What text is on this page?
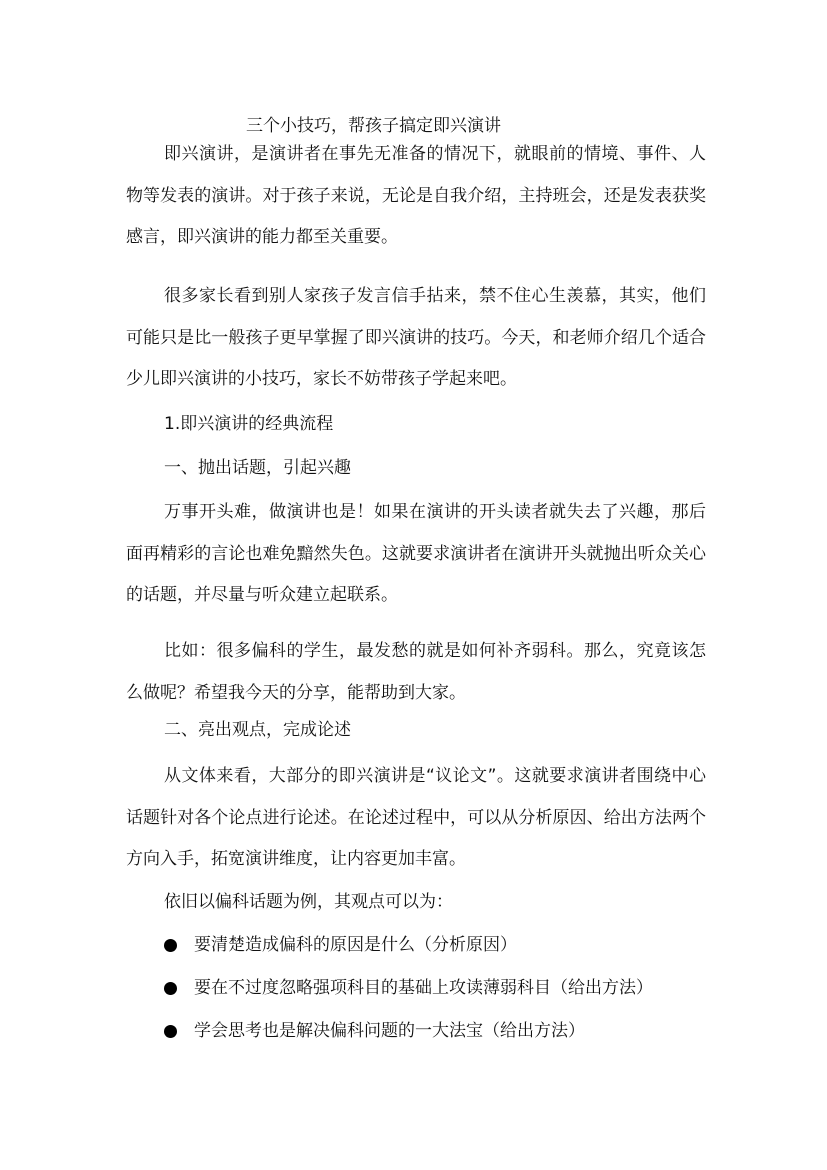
三个小技巧，帮孩子搞定即兴演讲

即兴演讲，是演讲者在事先无准备的情况下，就眼前的情境、事件、人物等发表的演讲。对于孩子来说，无论是自我介绍，主持班会，还是发表获奖感言，即兴演讲的能力都至关重要。

很多家长看到别人家孩子发言信手拈来，禁不住心生羡慕，其实，他们可能只是比一般孩子更早掌握了即兴演讲的技巧。今天，和老师介绍几个适合少儿即兴演讲的小技巧，家长不妨带孩子学起来吧。

1.即兴演讲的经典流程
一、抛出话题，引起兴趣

万事开头难，做演讲也是！如果在演讲的开头读者就失去了兴趣，那后面再精彩的言论也难免黯然失色。这就要求演讲者在演讲开头就抛出听众关心的话题，并尽量与听众建立起联系。

比如：很多偏科的学生，最发愁的就是如何补齐弱科。那么，究竟该怎么做呢？希望我今天的分享，能帮助到大家。

二、亮出观点，完成论述

从文体来看，大部分的即兴演讲是“议论文”。这就要求演讲者围绕中心话题针对各个论点进行论述。在论述过程中，可以从分析原因、给出方法两个方向入手，拓宽演讲维度，让内容更加丰富。

依旧以偏科话题为例，其观点可以为：
要清楚造成偏科的原因是什么（分析原因）
要在不过度忽略强项科目的基础上攻读薄弱科目（给出方法）
学会思考也是解决偏科问题的一大法宝（给出方法）
